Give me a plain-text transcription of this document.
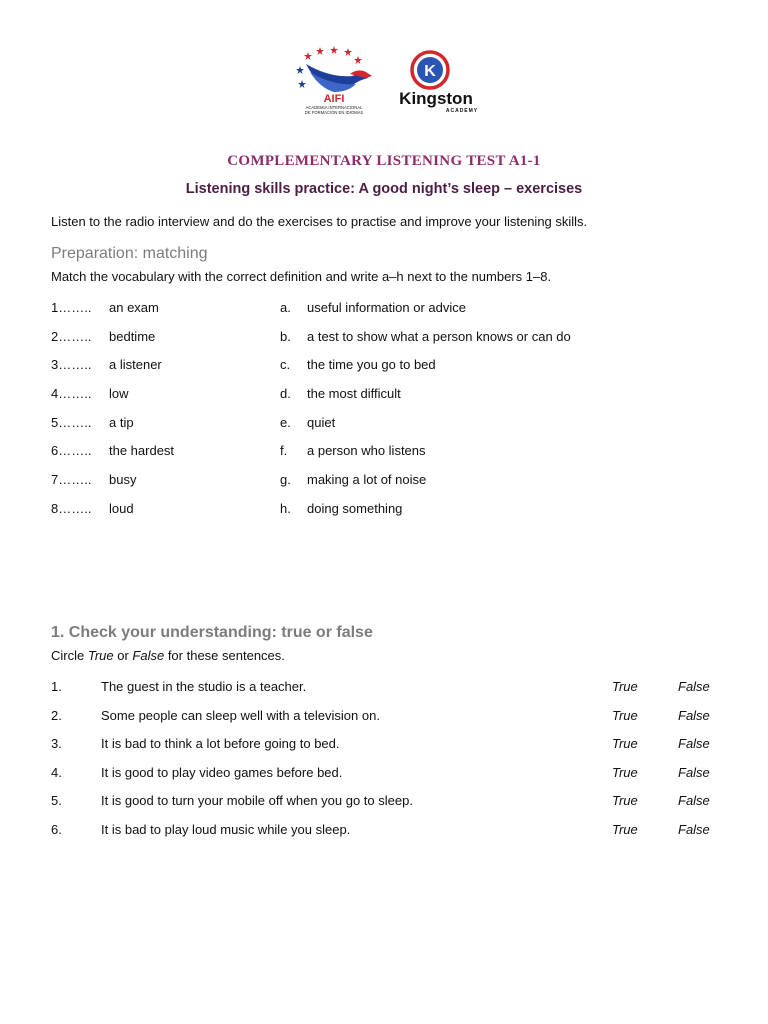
AIFI
ACADEMIA INTERNACIONAL
DE FORMACIÓN EN IDIOMAS
K
Kingston
ACADEMY
COMPLEMENTARY LISTENING TEST A1-1
Listening skills practice: A good night’s sleep – exercises

Listen to the radio interview and do the exercises to practise and improve your listening skills.

Preparation: matching

Match the vocabulary with the correct definition and write a–h next to the numbers 1–8.

1…….. an exam	a. useful information or advice
2…….. bedtime	b. a test to show what a person knows or can do
3…….. a listener	c. the time you go to bed
4…….. low	d. the most difficult
5…….. a tip	e. quiet
6…….. the hardest	f. a person who listens
7…….. busy	g. making a lot of noise
8…….. loud	h. doing something
1. Check your understanding: true or false

Circle True or False for these sentences.

1.	The guest in the studio is a teacher.	True	False
2.	Some people can sleep well with a television on.	True	False
3.	It is bad to think a lot before going to bed.	True	False
4.	It is good to play video games before bed.	True	False
5.	It is good to turn your mobile off when you go to sleep.	True	False
6.	It is bad to play loud music while you sleep.	True	False
